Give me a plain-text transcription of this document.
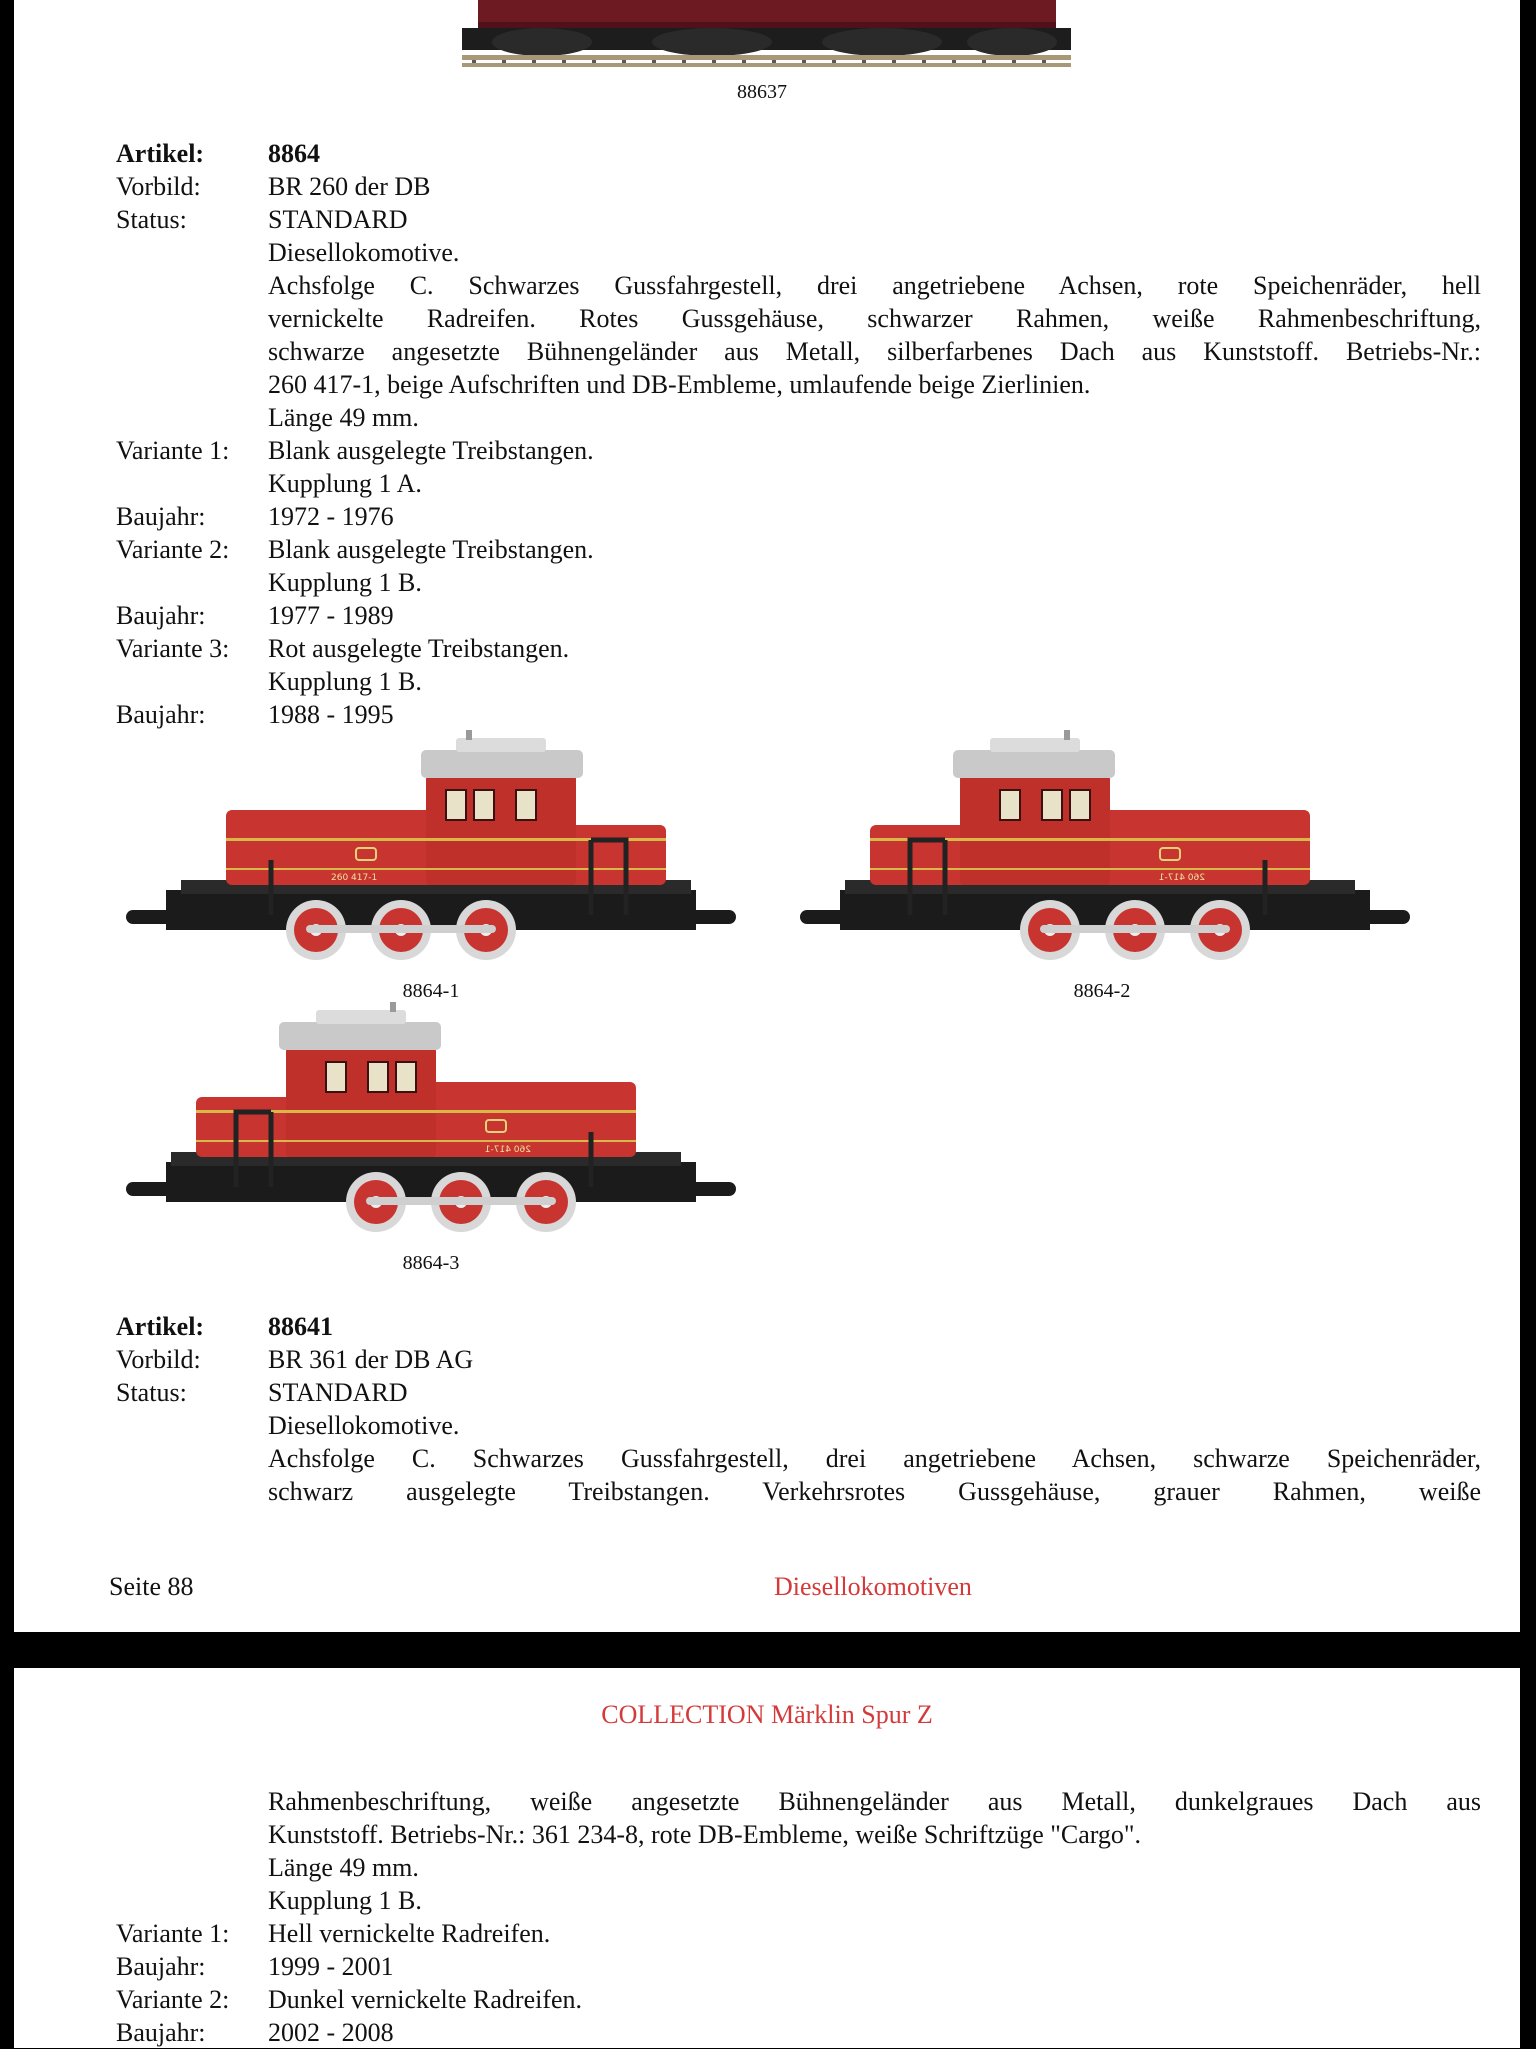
88637
Artikel: 8864
Vorbild:	BR 260 der DB
Status:	STANDARD
Diesellokomotive.
Achsfolge C. Schwarzes Gussfahrgestell, drei angetriebene Achsen, rote Speichenräder, hell
vernickelte Radreifen. Rotes Gussgehäuse, schwarzer Rahmen, weiße Rahmenbeschriftung,
schwarze angesetzte Bühnengeländer aus Metall, silberfarbenes Dach aus Kunststoff. Betriebs-Nr.:
260 417-1, beige Aufschriften und DB-Embleme, umlaufende beige Zierlinien.
Länge 49 mm.
Variante 1: Blank ausgelegte Treibstangen.
Kupplung 1 A.
Baujahr: 1972 - 1976
Variante 2: Blank ausgelegte Treibstangen.
Kupplung 1 B.
Baujahr: 1977 - 1989
Variante 3: Rot ausgelegte Treibstangen.
Kupplung 1 B.
Baujahr: 1988 - 1995
8864-1	8864-2
8864-3
Artikel: 88641
Vorbild:	BR 361 der DB AG
Status:	STANDARD
Diesellokomotive.
Achsfolge C. Schwarzes Gussfahrgestell, drei angetriebene Achsen, schwarze Speichenräder,
schwarz ausgelegte Treibstangen. Verkehrsrotes Gussgehäuse, grauer Rahmen, weiße
Seite 88	Diesellokomotiven
COLLECTION Märklin Spur Z
Rahmenbeschriftung, weiße angesetzte Bühnengeländer aus Metall, dunkelgraues Dach aus
Kunststoff. Betriebs-Nr.: 361 234-8, rote DB-Embleme, weiße Schriftzüge "Cargo".
Länge 49 mm.
Kupplung 1 B.
Variante 1: Hell vernickelte Radreifen.
Baujahr: 1999 - 2001
Variante 2: Dunkel vernickelte Radreifen.
Baujahr: 2002 - 2008
